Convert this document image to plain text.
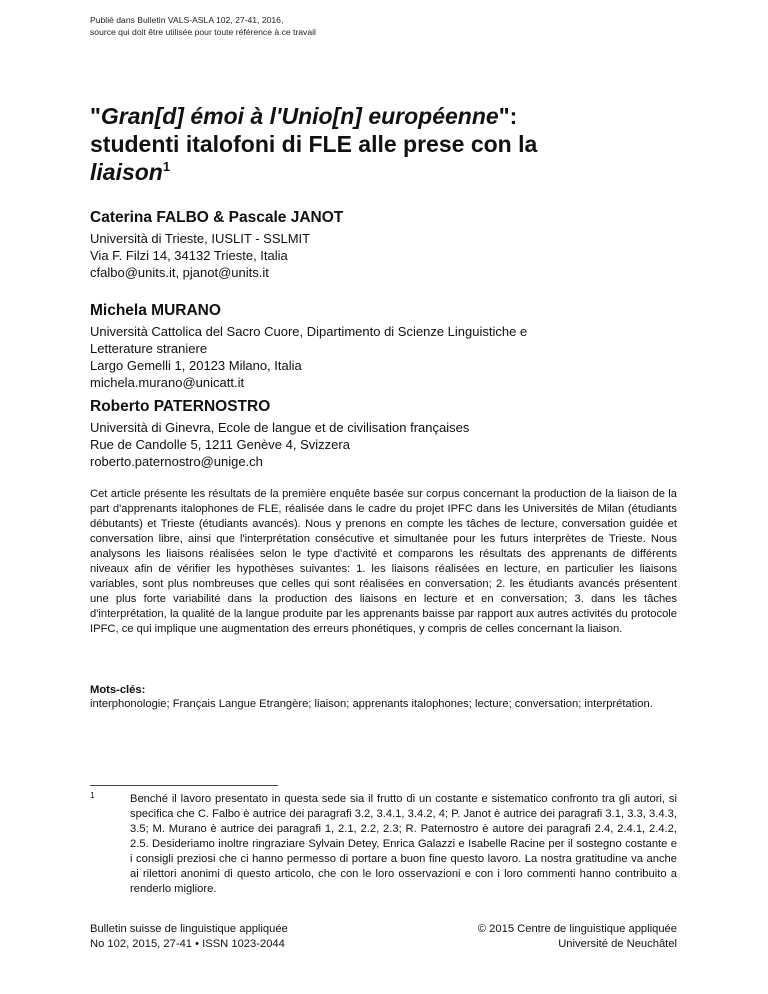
Publié dans Bulletin VALS-ASLA 102, 27-41, 2016,
source qui doit être utilisée pour toute référence à ce travail
"Gran[d] émoi à l'Unio[n] européenne":
studenti italofoni di FLE alle prese con la
liaison$^1$
Caterina FALBO & Pascale JANOT
Università di Trieste, IUSLIT - SSLMIT
Via F. Filzi 14, 34132 Trieste, Italia
cfalbo@units.it, pjanot@units.it
Michela MURANO
Università Cattolica del Sacro Cuore, Dipartimento di Scienze Linguistiche e
Letterature straniere
Largo Gemelli 1, 20123 Milano, Italia
michela.murano@unicatt.it
Roberto PATERNOSTRO
Università di Ginevra, Ecole de langue et de civilisation françaises
Rue de Candolle 5, 1211 Genève 4, Svizzera
roberto.paternostro@unige.ch
Cet article présente les résultats de la première enquête basée sur corpus concernant la production de la liaison de la part d'apprenants italophones de FLE, réalisée dans le cadre du projet IPFC dans les Universités de Milan (étudiants débutants) et Trieste (étudiants avancés). Nous y prenons en compte les tâches de lecture, conversation guidée et conversation libre, ainsi que l'interprétation consécutive et simultanée pour les futurs interprètes de Trieste. Nous analysons les liaisons réalisées selon le type d'activité et comparons les résultats des apprenants de différents niveaux afin de vérifier les hypothèses suivantes: 1. les liaisons réalisées en lecture, en particulier les liaisons variables, sont plus nombreuses que celles qui sont réalisées en conversation; 2. les étudiants avancés présentent une plus forte variabilité dans la production des liaisons en lecture et en conversation; 3. dans les tâches d'interprétation, la qualité de la langue produite par les apprenants baisse par rapport aux autres activités du protocole IPFC, ce qui implique une augmentation des erreurs phonétiques, y compris de celles concernant la liaison.
Mots-clés:
interphonologie; Français Langue Etrangère; liaison; apprenants italophones; lecture; conversation; interprétation.
1	Benché il lavoro presentato in questa sede sia il frutto di un costante e sistematico confronto tra gli autori, si specifica che C. Falbo è autrice dei paragrafi 3.2, 3.4.1, 3.4.2, 4; P. Janot è autrice dei paragrafi 3.1, 3.3, 3.4.3, 3.5; M. Murano è autrice dei paragrafi 1, 2.1, 2.2, 2.3; R. Paternostro è autore dei paragrafi 2.4, 2.4.1, 2.4.2, 2.5. Desideriamo inoltre ringraziare Sylvain Detey, Enrica Galazzi e Isabelle Racine per il sostegno costante e i consigli preziosi che ci hanno permesso di portare a buon fine questo lavoro. La nostra gratitudine va anche ai rilettori anonimi di questo articolo, che con le loro osservazioni e con i loro commenti hanno contribuito a renderlo migliore.
Bulletin suisse de linguistique appliquée
No 102, 2015, 27-41 • ISSN 1023-2044
© 2015 Centre de linguistique appliquée
Université de Neuchâtel
